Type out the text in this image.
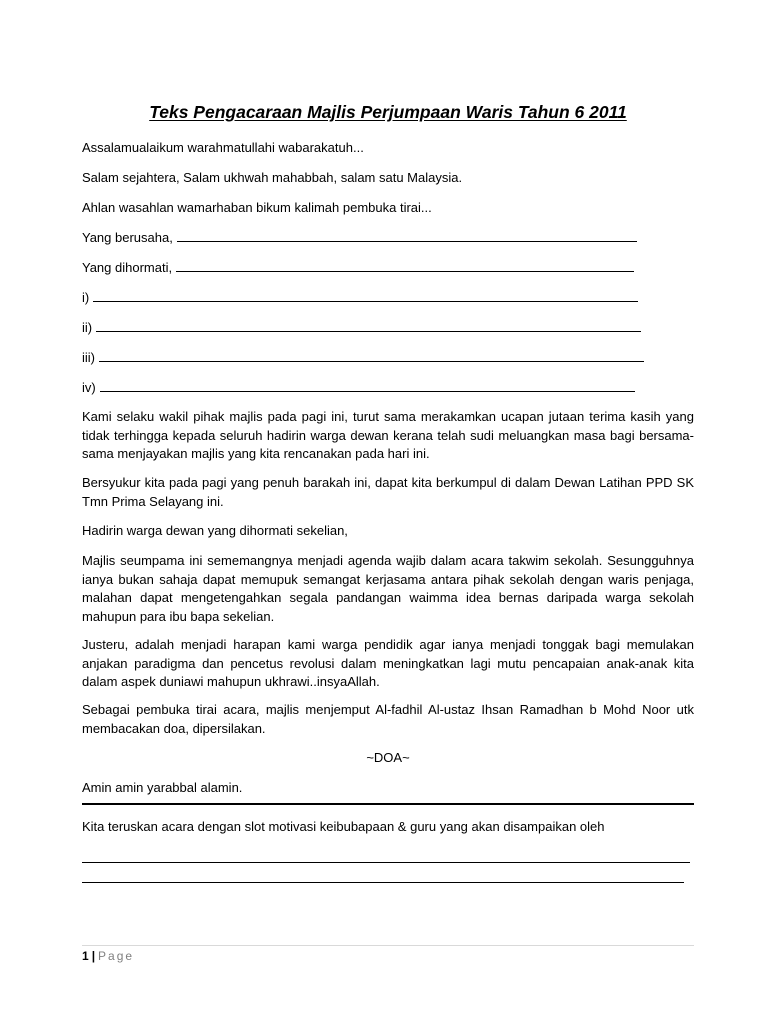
Teks Pengacaraan Majlis Perjumpaan Waris Tahun 6 2011
Assalamualaikum warahmatullahi wabarakatuh...
Salam sejahtera, Salam ukhwah mahabbah, salam satu Malaysia.
Ahlan wasahlan wamarhaban bikum kalimah pembuka tirai...
Yang berusaha,
Yang dihormati,
i)
ii)
iii)
iv)
Kami selaku wakil pihak majlis pada pagi ini, turut sama merakamkan ucapan jutaan terima kasih yang tidak terhingga kepada seluruh hadirin warga dewan kerana telah sudi meluangkan masa bagi bersama-sama menjayakan majlis yang kita rencanakan pada hari ini.
Bersyukur kita pada pagi yang penuh barakah ini, dapat kita berkumpul di dalam Dewan Latihan PPD SK Tmn Prima Selayang ini.
Hadirin warga dewan yang dihormati sekelian,
Majlis seumpama ini sememangnya menjadi agenda wajib dalam acara takwim sekolah. Sesungguhnya ianya bukan sahaja dapat memupuk semangat kerjasama antara pihak sekolah dengan waris penjaga, malahan dapat mengetengahkan segala pandangan waimma idea bernas daripada warga sekolah mahupun para ibu bapa sekelian.
Justeru, adalah menjadi harapan kami warga pendidik agar ianya menjadi tonggak bagi memulakan anjakan paradigma dan pencetus revolusi dalam meningkatkan lagi mutu pencapaian anak-anak kita dalam aspek duniawi mahupun ukhrawi..insyaAllah.
Sebagai pembuka tirai acara, majlis menjemput Al-fadhil Al-ustaz Ihsan Ramadhan b Mohd Noor utk membacakan doa, dipersilakan.
~DOA~
Amin amin yarabbal alamin.
Kita teruskan acara dengan slot motivasi keibubapaan & guru yang akan disampaikan oleh
1 | Page
